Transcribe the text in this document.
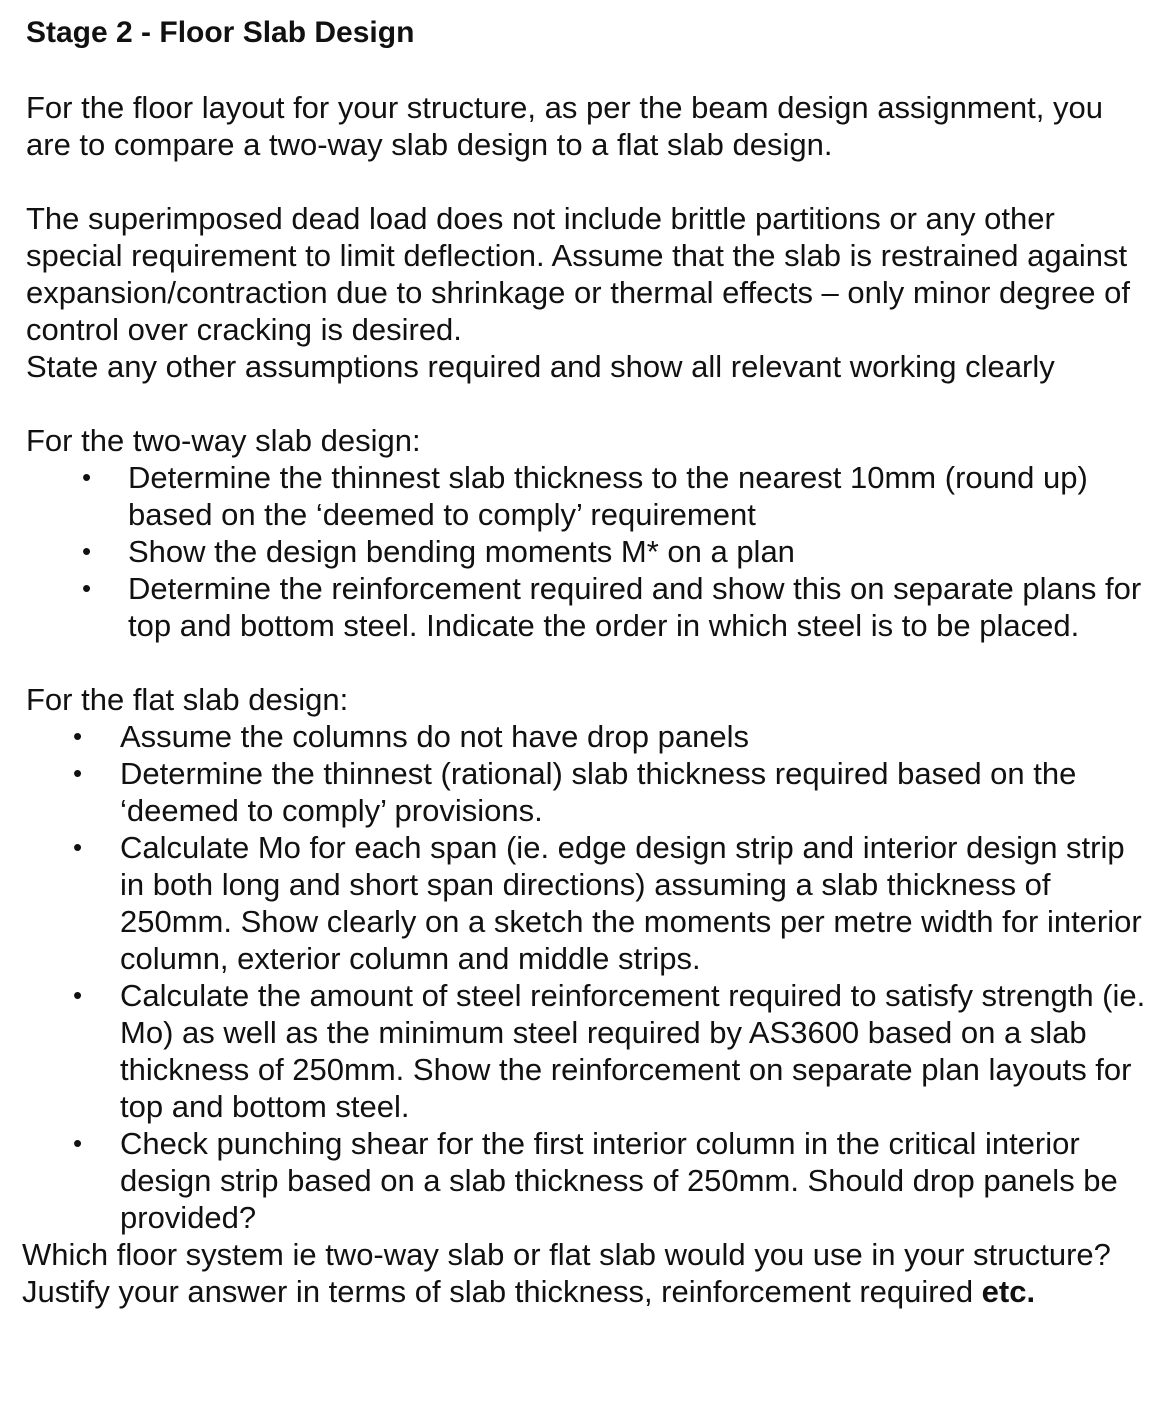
Stage 2 - Floor Slab Design

For the floor layout for your structure, as per the beam design assignment, you are to compare a two-way slab design to a flat slab design.

The superimposed dead load does not include brittle partitions or any other special requirement to limit deflection. Assume that the slab is restrained against expansion/contraction due to shrinkage or thermal effects – only minor degree of control over cracking is desired.

State any other assumptions required and show all relevant working clearly

For the two-way slab design:

• Determine the thinnest slab thickness to the nearest 10mm (round up) based on the ‘deemed to comply’ requirement
• Show the design bending moments M* on a plan
• Determine the reinforcement required and show this on separate plans for top and bottom steel. Indicate the order in which steel is to be placed.

For the flat slab design:

• Assume the columns do not have drop panels
• Determine the thinnest (rational) slab thickness required based on the ‘deemed to comply’ provisions.
• Calculate Mo for each span (ie. edge design strip and interior design strip in both long and short span directions) assuming a slab thickness of 250mm. Show clearly on a sketch the moments per metre width for interior column, exterior column and middle strips.
• Calculate the amount of steel reinforcement required to satisfy strength (ie. Mo) as well as the minimum steel required by AS3600 based on a slab thickness of 250mm. Show the reinforcement on separate plan layouts for top and bottom steel.
• Check punching shear for the first interior column in the critical interior design strip based on a slab thickness of 250mm. Should drop panels be provided?

Which floor system ie two-way slab or flat slab would you use in your structure? Justify your answer in terms of slab thickness, reinforcement required etc.
